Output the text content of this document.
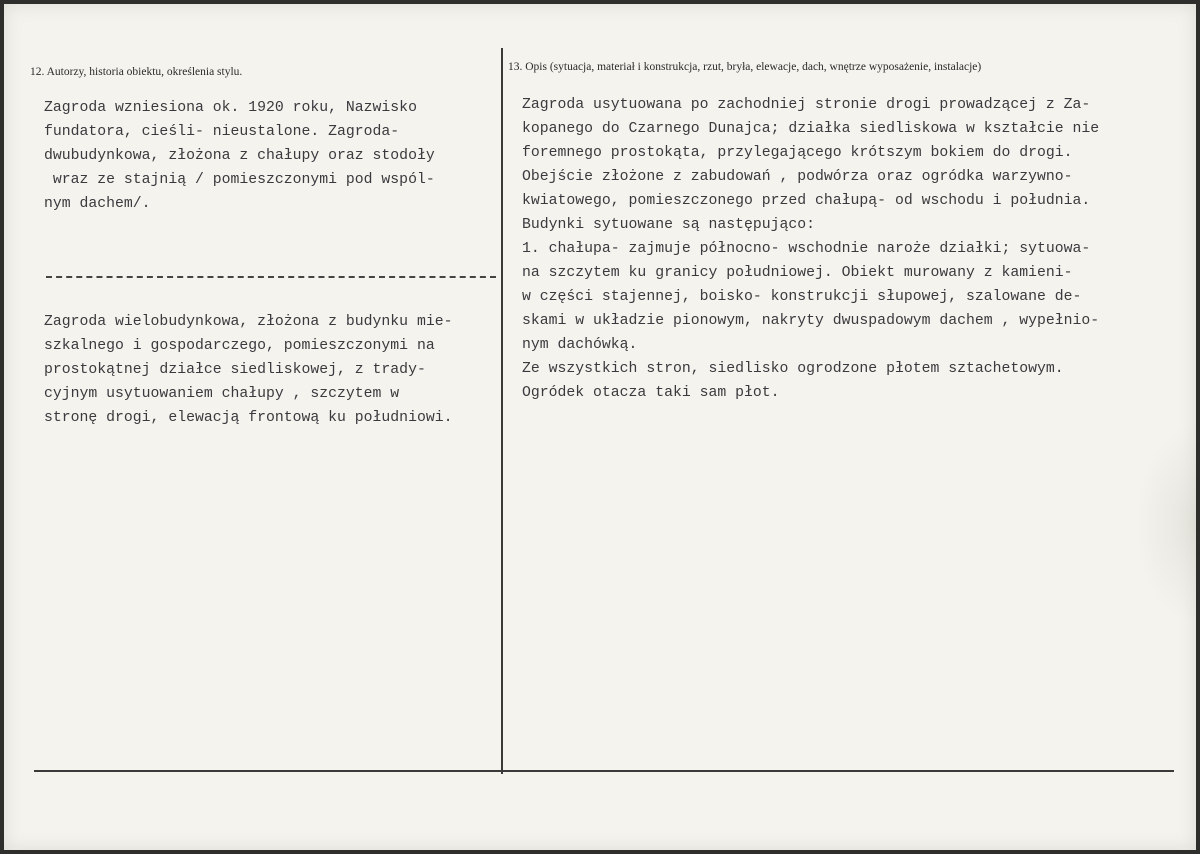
12. Autorzy, historia obiektu, określenia stylu.	13. Opis (sytuacja, materiał i konstrukcja, rzut, bryła, elewacje, dach, wnętrze wyposażenie, instalacje)
Zagroda wzniesiona ok. 1920 roku, Nazwisko
fundatora, cieśli- nieustalone. Zagroda-
dwubudynkowa, złożona z chałupy oraz stodoły
wraz ze stajnią / pomieszczonymi pod wspól-
nym dachem/.
Zagroda wielobudynkowa, złożona z budynku mie-
szkalnego i gospodarczego, pomieszczonymi na
prostokątnej działce siedliskowej, z trady-
cyjnym usytuowaniem chałupy , szczytem w
stronę drogi, elewacją frontową ku południowi.
Zagroda usytuowana po zachodniej stronie drogi prowadzącej z Za-
kopanego do Czarnego Dunajca; działka siedliskowa w kształcie nie
foremnego prostokąta, przylegającego krótszym bokiem do drogi.
Obejście złożone z zabudowań , podwórza oraz ogródka warzywno-
kwiatowego, pomieszczonego przed chałupą- od wschodu i południa.
Budynki sytuowane są następująco:
1. chałupa- zajmuje północno- wschodnie naroże działki; sytuowa-
na szczytem ku granicy południowej. Obiekt murowany z kamieni-
w części stajennej, boisko- konstrukcji słupowej, szalowane de-
skami w układzie pionowym, nakryty dwuspadowym dachem , wypełnio-
nym dachówką.
Ze wszystkich stron, siedlisko ogrodzone płotem sztachetowym.
Ogródek otacza taki sam płot.
